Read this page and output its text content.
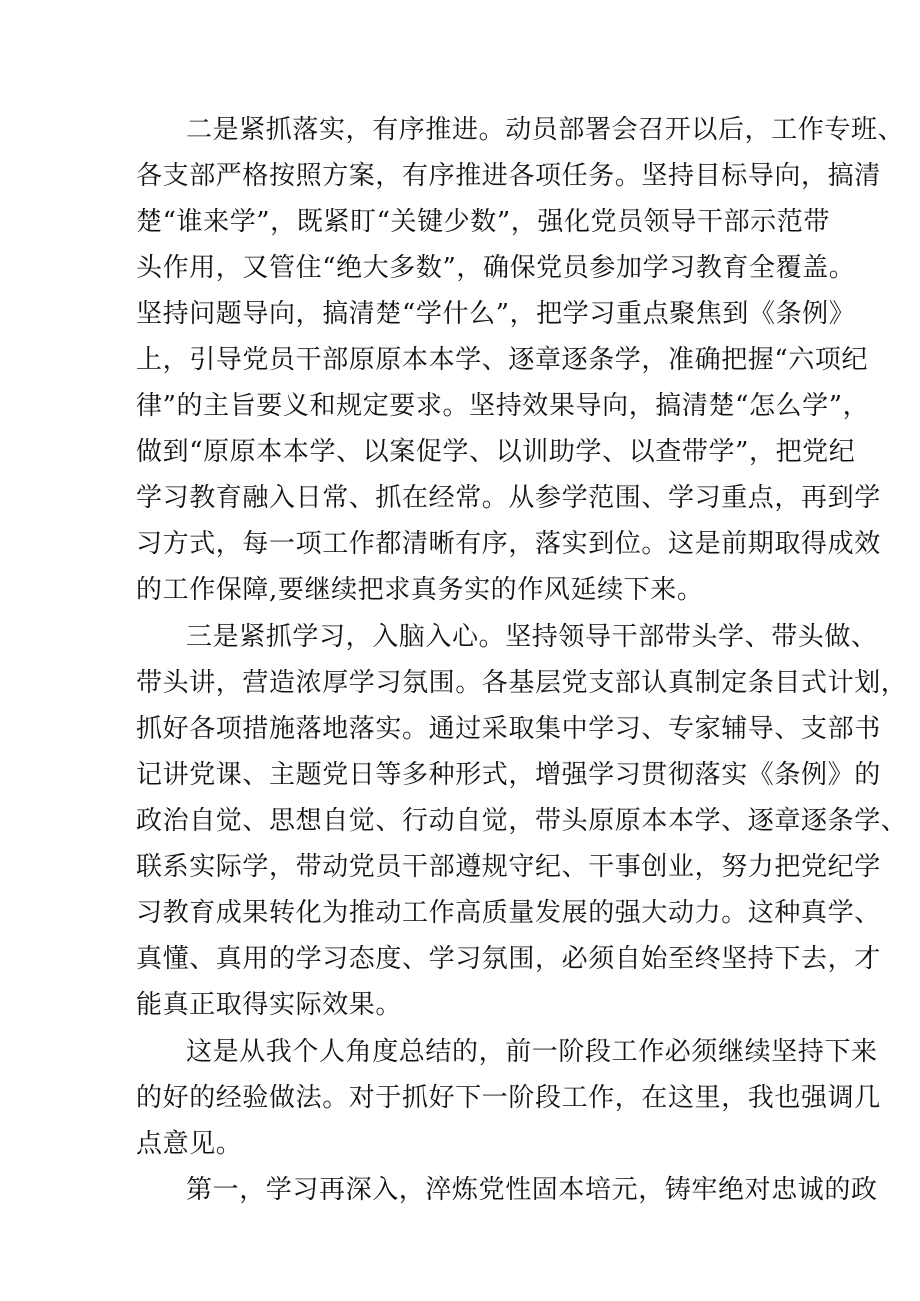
二是紧抓落实，有序推进。动员部署会召开以后，工作专班、

各支部严格按照方案，有序推进各项任务。坚持目标导向，搞清

楚“谁来学”，既紧盯“关键少数”，强化党员领导干部示范带

头作用，又管住“绝大多数”，确保党员参加学习教育全覆盖。

坚持问题导向，搞清楚“学什么”，把学习重点聚焦到《条例》

上，引导党员干部原原本本学、逐章逐条学，准确把握“六项纪

律”的主旨要义和规定要求。坚持效果导向，搞清楚“怎么学”，

做到“原原本本学、以案促学、以训助学、以查带学”，把党纪

学习教育融入日常、抓在经常。从参学范围、学习重点，再到学

习方式，每一项工作都清晰有序，落实到位。这是前期取得成效

的工作保障,要继续把求真务实的作风延续下来。

三是紧抓学习，入脑入心。坚持领导干部带头学、带头做、

带头讲，营造浓厚学习氛围。各基层党支部认真制定条目式计划，

抓好各项措施落地落实。通过采取集中学习、专家辅导、支部书

记讲党课、主题党日等多种形式，增强学习贯彻落实《条例》的

政治自觉、思想自觉、行动自觉，带头原原本本学、逐章逐条学、

联系实际学，带动党员干部遵规守纪、干事创业，努力把党纪学

习教育成果转化为推动工作高质量发展的强大动力。这种真学、

真懂、真用的学习态度、学习氛围，必须自始至终坚持下去，才

能真正取得实际效果。

这是从我个人角度总结的，前一阶段工作必须继续坚持下来

的好的经验做法。对于抓好下一阶段工作，在这里，我也强调几

点意见。

第一，学习再深入，淬炼党性固本培元，铸牢绝对忠诚的政
